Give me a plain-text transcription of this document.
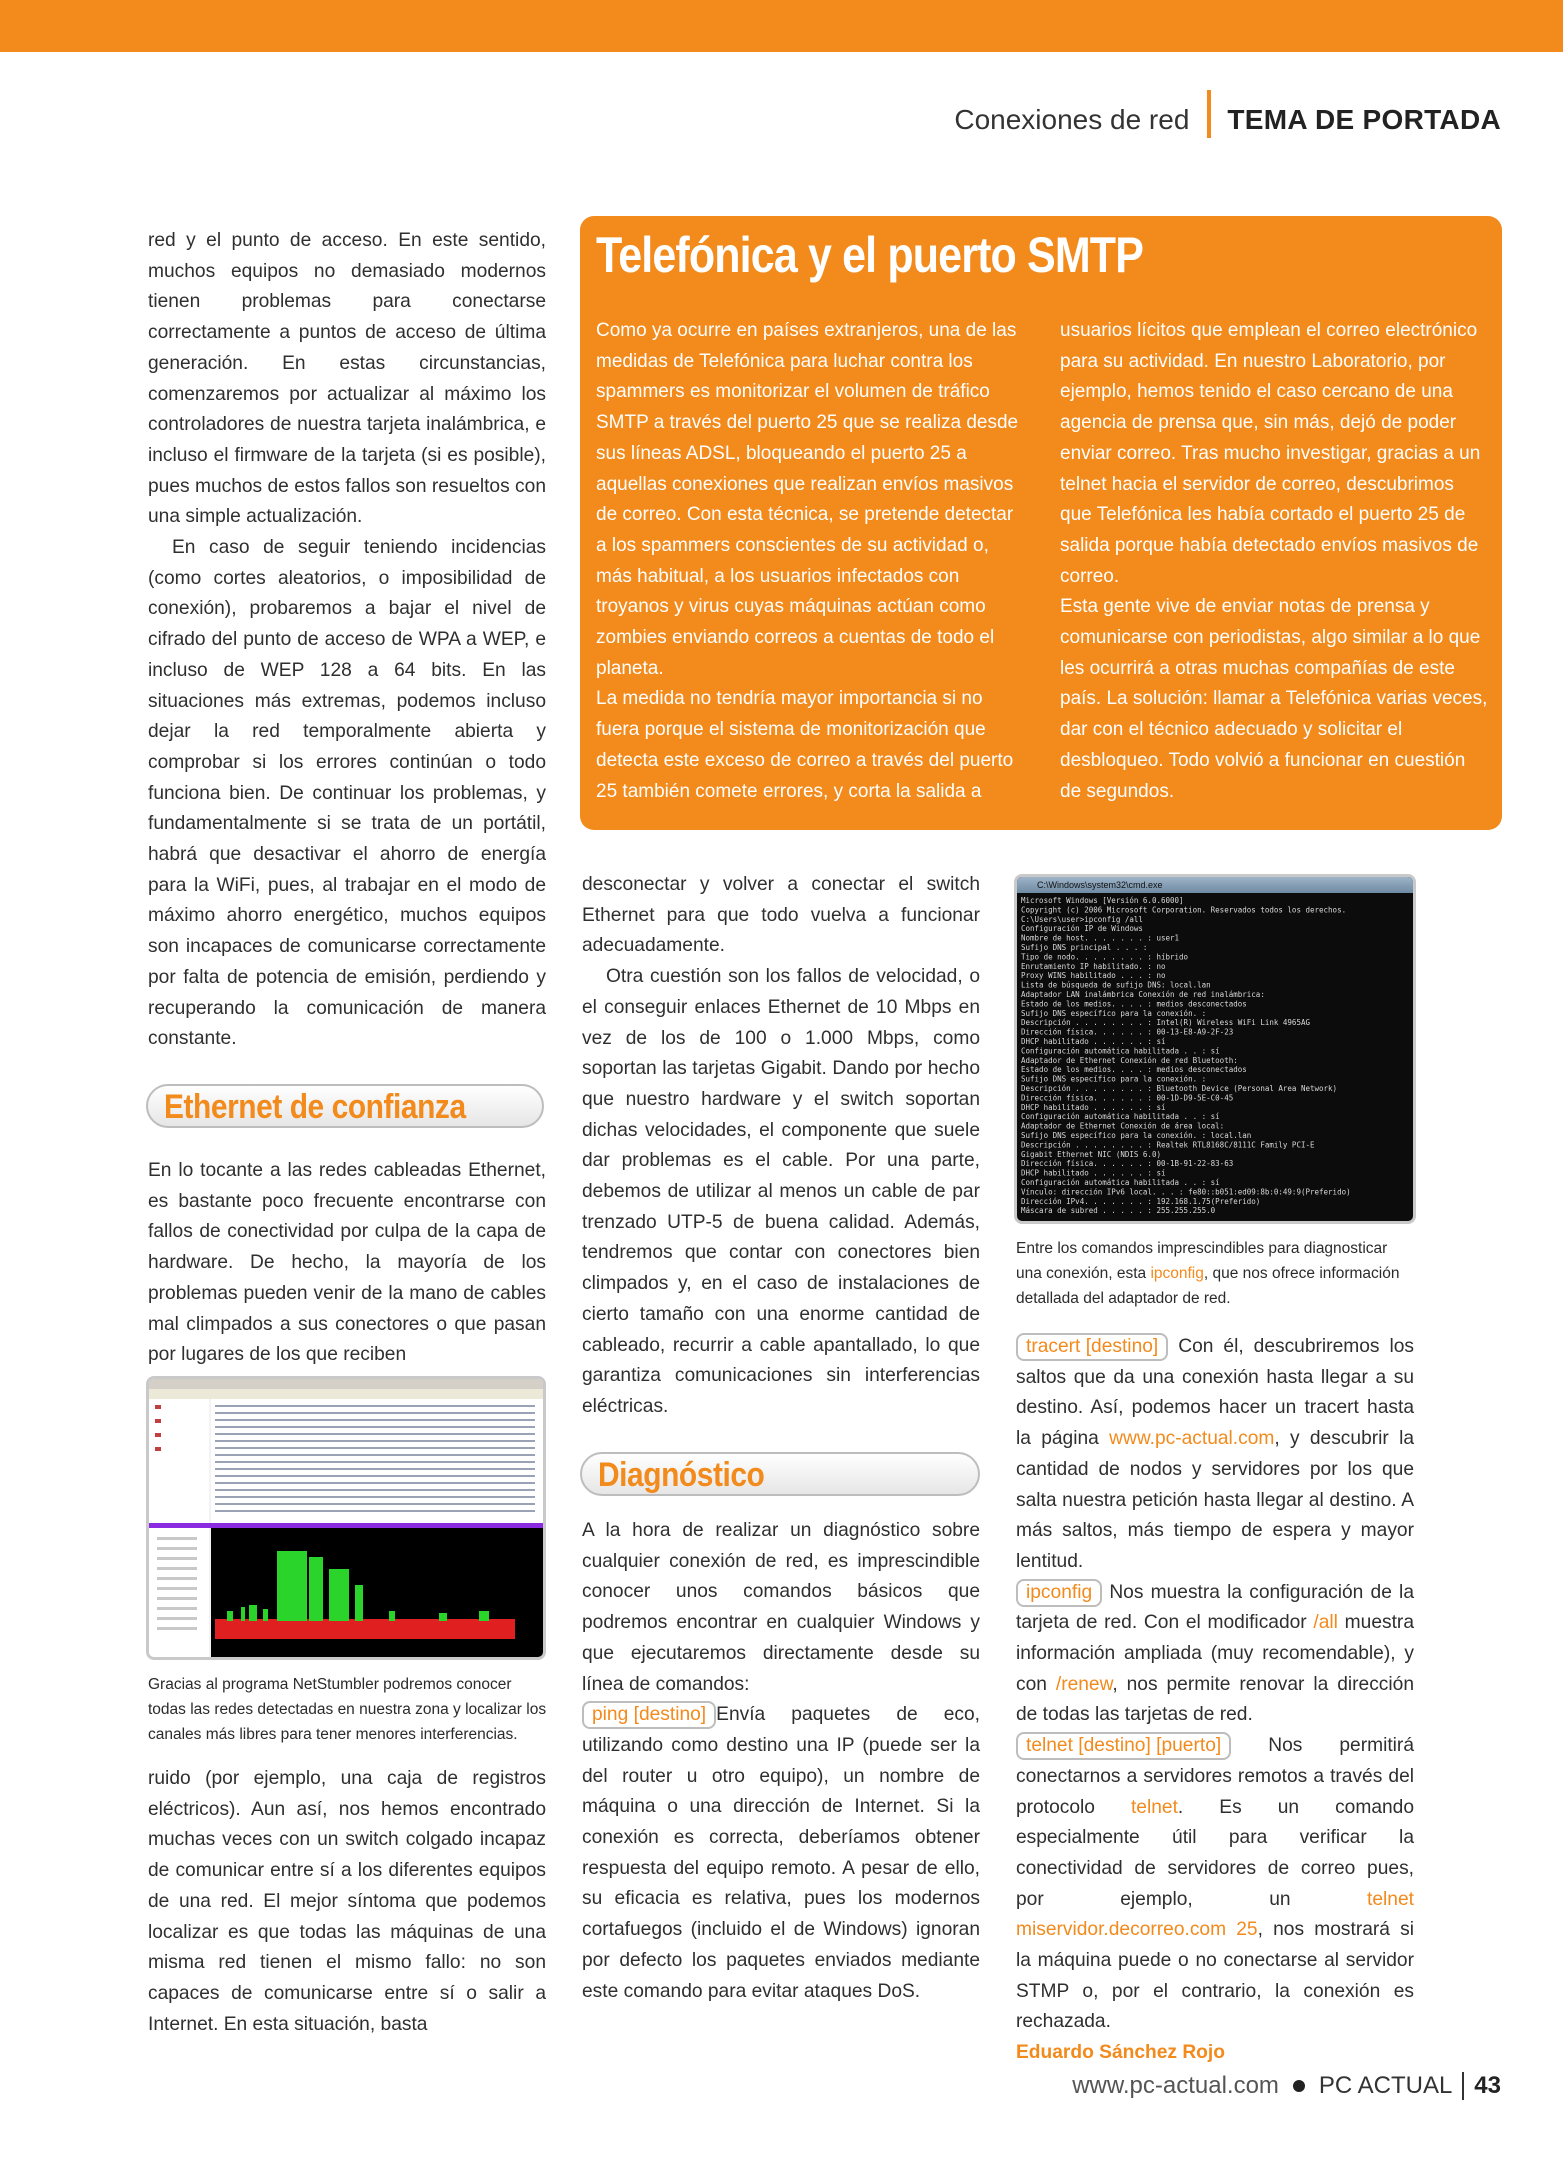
Conexiones de red TEMA DE PORTADA

red y el punto de acceso. En este sentido, muchos equipos no demasiado modernos tienen problemas para conectarse correctamente a puntos de acceso de última generación. En estas circunstancias, comenzaremos por actualizar al máximo los controladores de nuestra tarjeta inalámbrica, e incluso el firmware de la tarjeta (si es posible), pues muchos de estos fallos son resueltos con una simple actualización.

En caso de seguir teniendo incidencias (como cortes aleatorios, o imposibilidad de conexión), probaremos a bajar el nivel de cifrado del punto de acceso de WPA a WEP, e incluso de WEP 128 a 64 bits. En las situaciones más extremas, podemos incluso dejar la red temporalmente abierta y comprobar si los errores continúan o todo funciona bien. De continuar los problemas, y fundamentalmente si se trata de un portátil, habrá que desactivar el ahorro de energía para la WiFi, pues, al trabajar en el modo de máximo ahorro energético, muchos equipos son incapaces de comunicarse correctamente por falta de potencia de emisión, perdiendo y recuperando la comunicación de manera constante.

Ethernet de confianza

En lo tocante a las redes cableadas Ethernet, es bastante poco frecuente encontrarse con fallos de conectividad por culpa de la capa de hardware. De hecho, la mayoría de los problemas pueden venir de la mano de cables mal climpados a sus conectores o que pasan por lugares de los que reciben

Gracias al programa NetStumbler podremos conocer todas las redes detectadas en nuestra zona y localizar los canales más libres para tener menores interferencias.

ruido (por ejemplo, una caja de registros eléctricos). Aun así, nos hemos encontrado muchas veces con un switch colgado incapaz de comunicar entre sí a los diferentes equipos de una red. El mejor síntoma que podemos localizar es que todas las máquinas de una misma red tienen el mismo fallo: no son capaces de comunicarse entre sí o salir a Internet. En esta situación, basta

Telefónica y el puerto SMTP

Como ya ocurre en países extranjeros, una de las medidas de Telefónica para luchar contra los spammers es monitorizar el volumen de tráfico SMTP a través del puerto 25 que se realiza desde sus líneas ADSL, bloqueando el puerto 25 a aquellas conexiones que realizan envíos masivos de correo. Con esta técnica, se pretende detectar a los spammers conscientes de su actividad o, más habitual, a los usuarios infectados con troyanos y virus cuyas máquinas actúan como zombies enviando correos a cuentas de todo el planeta.

La medida no tendría mayor importancia si no fuera porque el sistema de monitorización que detecta este exceso de correo a través del puerto 25 también comete errores, y corta la salida a

usuarios lícitos que emplean el correo electrónico para su actividad. En nuestro Laboratorio, por ejemplo, hemos tenido el caso cercano de una agencia de prensa que, sin más, dejó de poder enviar correo. Tras mucho investigar, gracias a un telnet hacia el servidor de correo, descubrimos que Telefónica les había cortado el puerto 25 de salida porque había detectado envíos masivos de correo.

Esta gente vive de enviar notas de prensa y comunicarse con periodistas, algo similar a lo que les ocurrirá a otras muchas compañías de este país. La solución: llamar a Telefónica varias veces, dar con el técnico adecuado y solicitar el desbloqueo. Todo volvió a funcionar en cuestión de segundos.

desconectar y volver a conectar el switch Ethernet para que todo vuelva a funcionar adecuadamente.

Otra cuestión son los fallos de velocidad, o el conseguir enlaces Ethernet de 10 Mbps en vez de los de 100 o 1.000 Mbps, como soportan las tarjetas Gigabit. Dando por hecho que nuestro hardware y el switch soportan dichas velocidades, el componente que suele dar problemas es el cable. Por una parte, debemos de utilizar al menos un cable de par trenzado UTP-5 de buena calidad. Además, tendremos que contar con conectores bien climpados y, en el caso de instalaciones de cierto tamaño con una enorme cantidad de cableado, recurrir a cable apantallado, lo que garantiza comunicaciones sin interferencias eléctricas.

Diagnóstico

A la hora de realizar un diagnóstico sobre cualquier conexión de red, es imprescindible conocer unos comandos básicos que podremos encontrar en cualquier Windows y que ejecutaremos directamente desde su línea de comandos:

ping [destino] Envía paquetes de eco, utilizando como destino una IP (puede ser la del router u otro equipo), un nombre de máquina o una dirección de Internet. Si la conexión es correcta, deberíamos obtener respuesta del equipo remoto. A pesar de ello, su eficacia es relativa, pues los modernos cortafuegos (incluido el de Windows) ignoran por defecto los paquetes enviados mediante este comando para evitar ataques DoS.

C:\Windows\system32\cmd.exe
Microsoft Windows [Versión 6.0.6000]
Copyright (c) 2006 Microsoft Corporation. Reservados todos los derechos.
C:\Users\user>ipconfig /all
Configuración IP de Windows
Nombre de host. . . . . . . : user1
Sufijo DNS principal . . . :
Tipo de nodo. . . . . . . . : híbrido
Enrutamiento IP habilitado. : no
Proxy WINS habilitado . . . : no
Lista de búsqueda de sufijo DNS: local.lan
Adaptador LAN inalámbrica Conexión de red inalámbrica:
Estado de los medios. . . . : medios desconectados
Sufijo DNS específico para la conexión. :
Descripción . . . . . . . . : Intel(R) Wireless WiFi Link 4965AG
Dirección física. . . . . . : 00-13-E8-A9-2F-23
DHCP habilitado . . . . . . : sí
Configuración automática habilitada . . : sí
Adaptador de Ethernet Conexión de red Bluetooth:
Estado de los medios. . . . : medios desconectados
Sufijo DNS específico para la conexión. :
Descripción . . . . . . . . : Bluetooth Device (Personal Area Network)
Dirección física. . . . . . : 00-1D-D9-5E-C0-45
DHCP habilitado . . . . . . : sí
Configuración automática habilitada . . : sí
Adaptador de Ethernet Conexión de área local:
Sufijo DNS específico para la conexión. : local.lan
Descripción . . . . . . . . : Realtek RTL8168C/8111C Family PCI-E
Gigabit Ethernet NIC (NDIS 6.0)
Dirección física. . . . . . : 00-1B-91-22-83-63
DHCP habilitado . . . . . . : sí
Configuración automática habilitada . . : sí
Vínculo: dirección IPv6 local. . . : fe80::b051:ed09:8b:0:49:9(Preferido)
Dirección IPv4. . . . . . . : 192.168.1.75(Preferido)
Máscara de subred . . . . . : 255.255.255.0
Entre los comandos imprescindibles para diagnosticar una conexión, esta ipconfig, que nos ofrece información detallada del adaptador de red.

tracert [destino] Con él, descubriremos los saltos que da una conexión hasta llegar a su destino. Así, podemos hacer un tracert hasta la página www.pc-actual.com, y descubrir la cantidad de nodos y servidores por los que salta nuestra petición hasta llegar al destino. A más saltos, más tiempo de espera y mayor lentitud.

ipconfig Nos muestra la configuración de la tarjeta de red. Con el modificador /all muestra información ampliada (muy recomendable), y con /renew, nos permite renovar la dirección de todas las tarjetas de red.

telnet [destino] [puerto] Nos permitirá conectarnos a servidores remotos a través del protocolo telnet. Es un comando especialmente útil para verificar la conectividad de servidores de correo pues, por ejemplo, un telnet miservidor.decorreo.com 25, nos mostrará si la máquina puede o no conectarse al servidor STMP o, por el contrario, la conexión es rechazada.

Eduardo Sánchez Rojo

www.pc-actual.com PC ACTUAL 43
